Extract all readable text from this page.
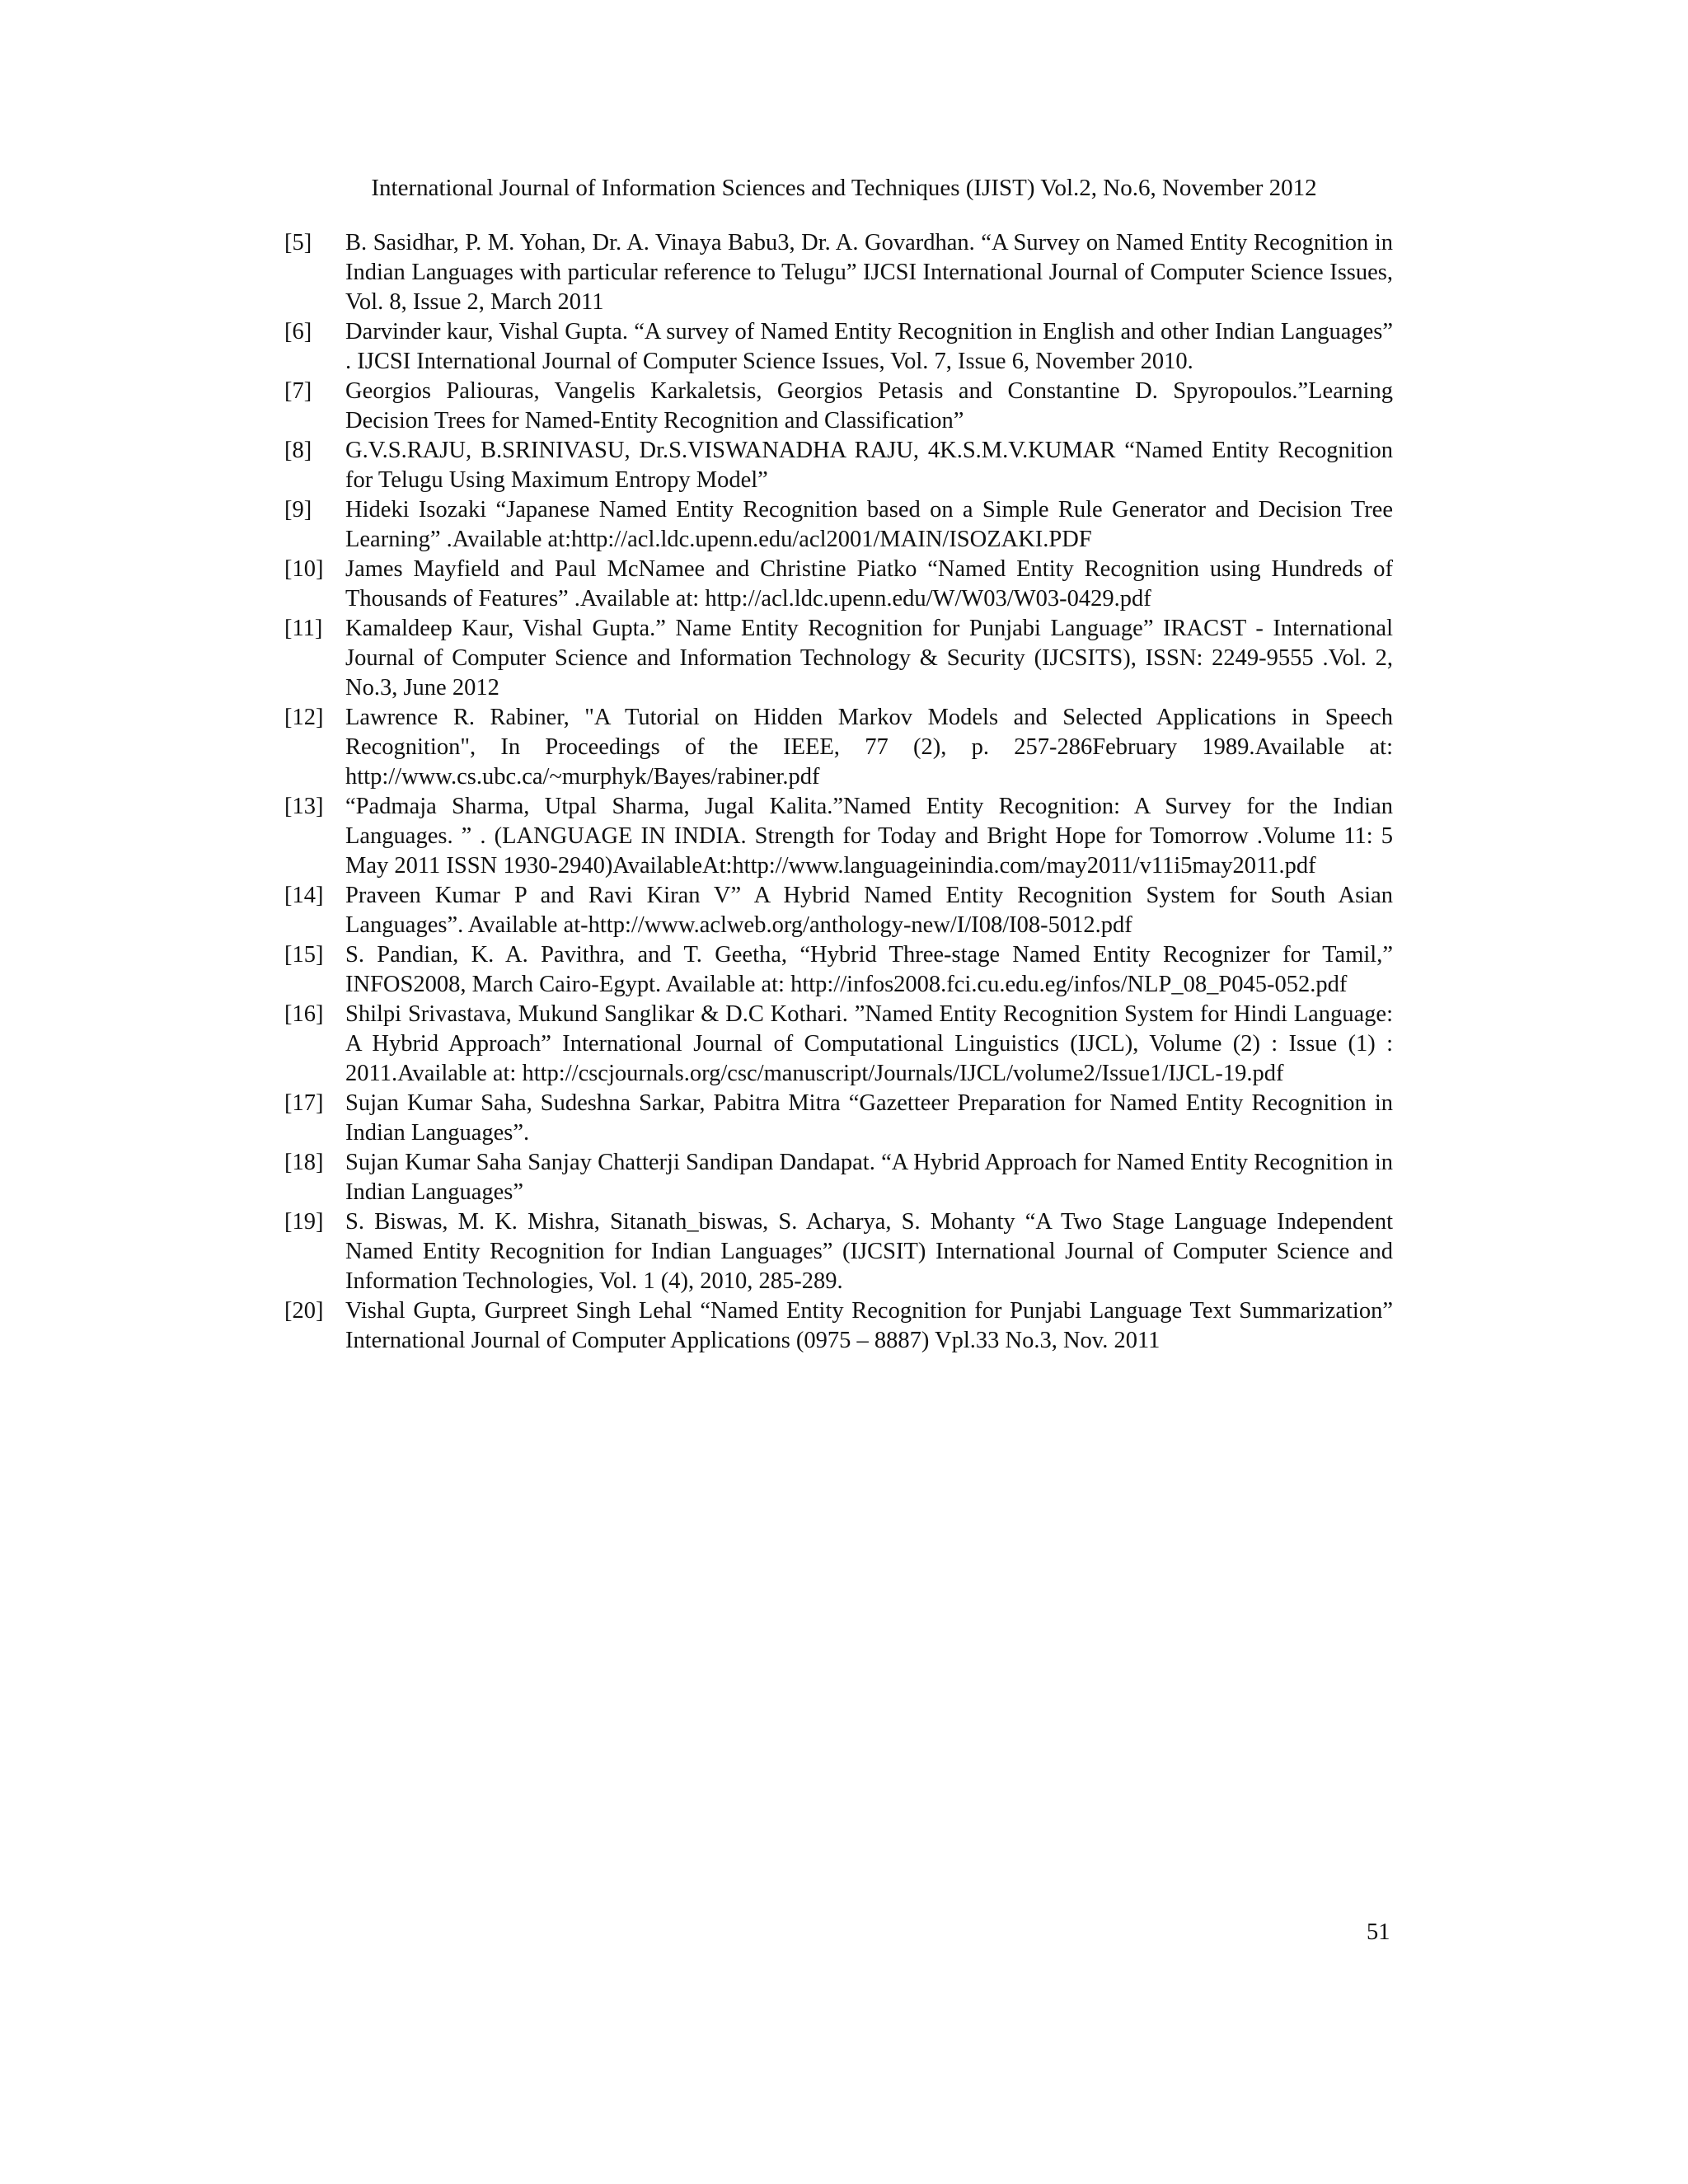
International Journal of Information Sciences and Techniques (IJIST) Vol.2, No.6, November 2012
[5] B. Sasidhar, P. M. Yohan, Dr. A. Vinaya Babu3, Dr. A. Govardhan. “A Survey on Named Entity Recognition in Indian Languages with particular reference to Telugu” IJCSI International Journal of Computer Science Issues, Vol. 8, Issue 2, March 2011
[6] Darvinder kaur, Vishal Gupta. “A survey of Named Entity Recognition in English and other Indian Languages” . IJCSI International Journal of Computer Science Issues, Vol. 7, Issue 6, November 2010.
[7] Georgios Paliouras, Vangelis Karkaletsis, Georgios Petasis and Constantine D. Spyropoulos.”Learning Decision Trees for Named-Entity Recognition and Classification”
[8] G.V.S.RAJU, B.SRINIVASU, Dr.S.VISWANADHA RAJU, 4K.S.M.V.KUMAR “Named Entity Recognition for Telugu Using Maximum Entropy Model”
[9] Hideki Isozaki “Japanese Named Entity Recognition based on a Simple Rule Generator and Decision Tree Learning” .Available at:http://acl.ldc.upenn.edu/acl2001/MAIN/ISOZAKI.PDF
[10] James Mayfield and Paul McNamee and Christine Piatko “Named Entity Recognition using Hundreds of Thousands of Features” .Available at: http://acl.ldc.upenn.edu/W/W03/W03-0429.pdf
[11] Kamaldeep Kaur, Vishal Gupta.” Name Entity Recognition for Punjabi Language” IRACST - International Journal of Computer Science and Information Technology & Security (IJCSITS), ISSN: 2249-9555 .Vol. 2, No.3, June 2012
[12] Lawrence R. Rabiner, "A Tutorial on Hidden Markov Models and Selected Applications in Speech Recognition", In Proceedings of the IEEE, 77 (2), p. 257-286February 1989.Available at: http://www.cs.ubc.ca/~murphyk/Bayes/rabiner.pdf
[13] “Padmaja Sharma, Utpal Sharma, Jugal Kalita.”Named Entity Recognition: A Survey for the Indian Languages. ” . (LANGUAGE IN INDIA. Strength for Today and Bright Hope for Tomorrow .Volume 11: 5 May 2011 ISSN 1930-2940)AvailableAt:http://www.languageinindia.com/may2011/v11i5may2011.pdf
[14] Praveen Kumar P and Ravi Kiran V” A Hybrid Named Entity Recognition System for South Asian Languages”. Available at-http://www.aclweb.org/anthology-new/I/I08/I08-5012.pdf
[15] S. Pandian, K. A. Pavithra, and T. Geetha, “Hybrid Three-stage Named Entity Recognizer for Tamil,” INFOS2008, March Cairo-Egypt. Available at: http://infos2008.fci.cu.edu.eg/infos/NLP_08_P045-052.pdf
[16] Shilpi Srivastava, Mukund Sanglikar & D.C Kothari. ”Named Entity Recognition System for Hindi Language: A Hybrid Approach” International Journal of Computational Linguistics (IJCL), Volume (2) : Issue (1) : 2011.Available at: http://cscjournals.org/csc/manuscript/Journals/IJCL/volume2/Issue1/IJCL-19.pdf
[17] Sujan Kumar Saha, Sudeshna Sarkar, Pabitra Mitra “Gazetteer Preparation for Named Entity Recognition in Indian Languages”.
[18] Sujan Kumar Saha Sanjay Chatterji Sandipan Dandapat. “A Hybrid Approach for Named Entity Recognition in Indian Languages”
[19] S. Biswas, M. K. Mishra, Sitanath_biswas, S. Acharya, S. Mohanty “A Two Stage Language Independent Named Entity Recognition for Indian Languages” (IJCSIT) International Journal of Computer Science and Information Technologies, Vol. 1 (4), 2010, 285-289.
[20] Vishal Gupta, Gurpreet Singh Lehal “Named Entity Recognition for Punjabi Language Text Summarization” International Journal of Computer Applications (0975 – 8887) Vpl.33 No.3, Nov. 2011
51
